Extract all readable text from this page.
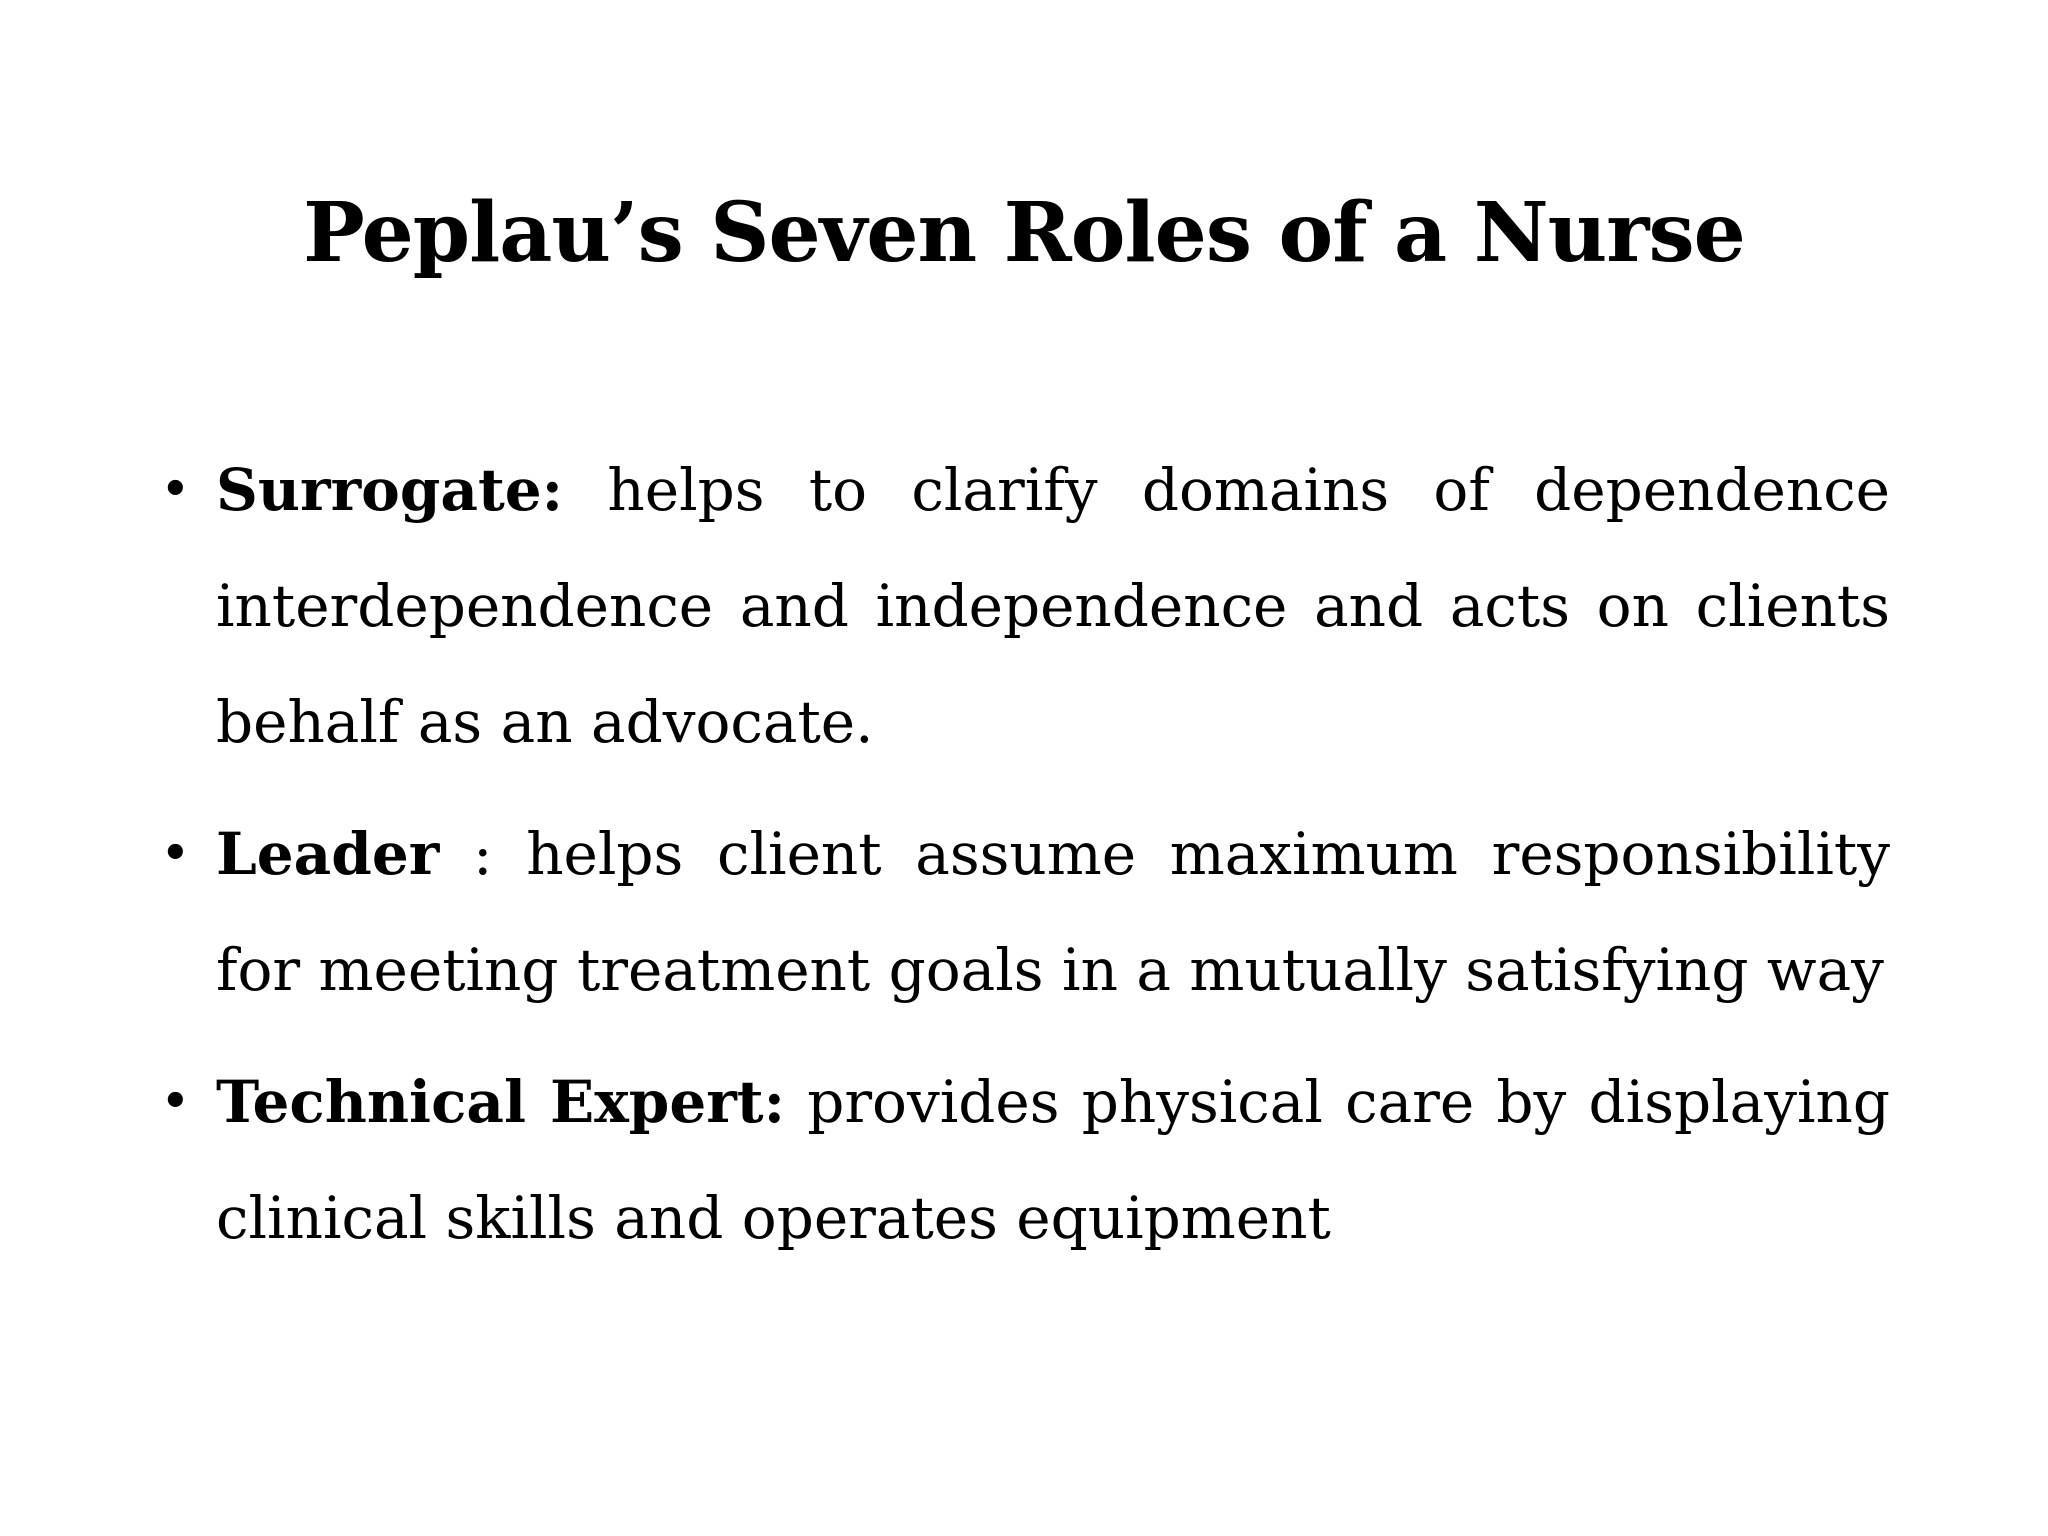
Peplau’s Seven Roles of a Nurse
• Surrogate: helps to clarify domains of dependence interdependence and independence and acts on clients behalf as an advocate.
• Leader : helps client assume maximum responsibility for meeting treatment goals in a mutually satisfying way
• Technical Expert: provides physical care by displaying clinical skills and operates equipment
